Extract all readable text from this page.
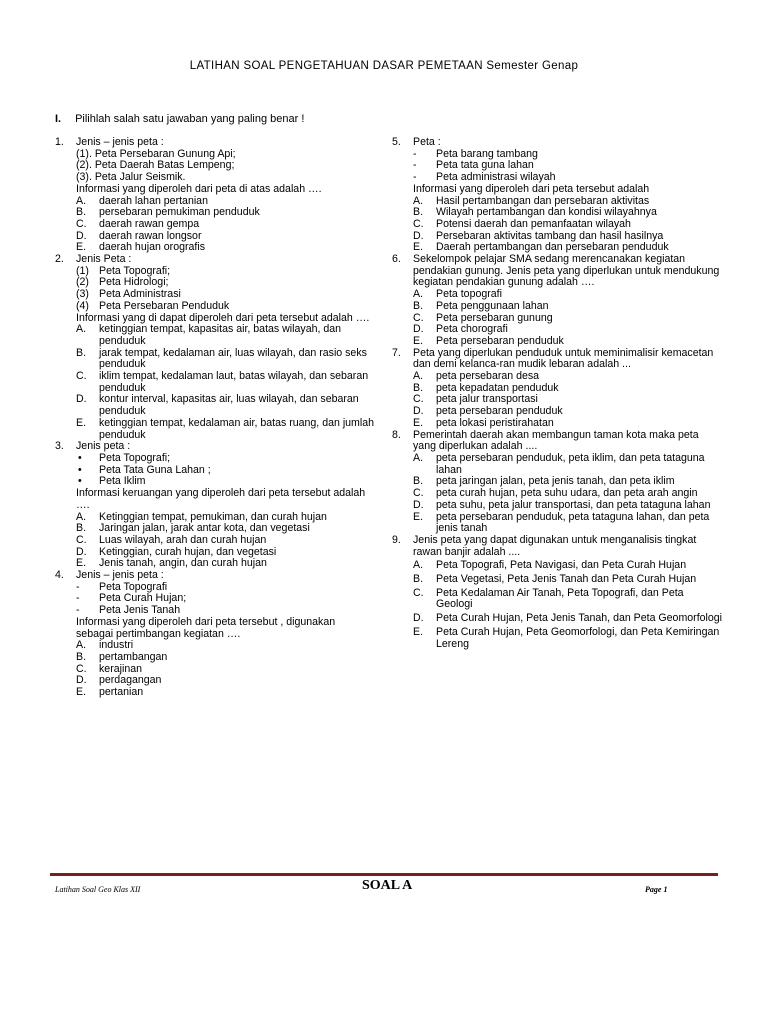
LATIHAN SOAL PENGETAHUAN DASAR PEMETAAN Semester Genap
I. Pilihlah salah satu jawaban yang paling benar !
1.	Jenis – jenis peta :
(1). Peta Persebaran Gunung Api;
(2). Peta Daerah Batas Lempeng;
(3). Peta Jalur Seismik.
Informasi yang diperoleh dari peta di atas adalah ….
A.	daerah lahan pertanian
B.	persebaran pemukiman penduduk
C.	daerah rawan gempa
D.	daerah rawan longsor
E.	daerah hujan orografis
2.	Jenis Peta :
(1) Peta Topografi;
(2) Peta Hidrologi;
(3) Peta Administrasi
(4) Peta Persebaran Penduduk
Informasi yang di dapat diperoleh dari peta tersebut adalah ….
A.	ketinggian tempat, kapasitas air, batas wilayah, dan penduduk
B.	jarak tempat, kedalaman air, luas wilayah, dan rasio seks penduduk
C.	iklim tempat, kedalaman laut, batas wilayah, dan sebaran penduduk
D.	kontur interval, kapasitas air, luas wilayah, dan sebaran penduduk
E.	ketinggian tempat, kedalaman air, batas ruang, dan jumlah penduduk
3.	Jenis peta :
•	Peta Topografi;
•	Peta Tata Guna Lahan ;
•	Peta Iklim
Informasi keruangan yang diperoleh dari peta tersebut adalah ….
A.	Ketinggian tempat, pemukiman, dan curah hujan
B.	Jaringan jalan, jarak antar kota, dan vegetasi
C.	Luas wilayah, arah dan curah hujan
D.	Ketinggian, curah hujan, dan vegetasi
E.	Jenis tanah, angin, dan curah hujan
4.	Jenis – jenis peta :
-	Peta Topografi
-	Peta Curah Hujan;
-	Peta Jenis Tanah
Informasi yang diperoleh dari peta tersebut , digunakan sebagai pertimbangan kegiatan ….
A.	industri
B.	pertambangan
C.	kerajinan
D.	perdagangan
E.	pertanian
5.	Peta :
-	Peta barang tambang
-	Peta tata guna lahan
-	Peta administrasi wilayah
Informasi yang diperoleh dari peta tersebut adalah
A.	Hasil pertambangan dan persebaran aktivitas
B.	Wilayah pertambangan dan kondisi wilayahnya
C.	Potensi daerah dan pemanfaatan wilayah
D.	Persebaran aktivitas tambang dan hasil hasilnya
E.	Daerah pertambangan dan persebaran penduduk
6.	Sekelompok pelajar SMA sedang merencanakan kegiatan pendakian gunung. Jenis peta yang diperlukan untuk mendukung kegiatan pendakian gunung adalah ….
A.	Peta topografi
B.	Peta penggunaan lahan
C.	Peta persebaran gunung
D.	Peta chorografi
E.	Peta persebaran penduduk
7.	Peta yang diperlukan penduduk untuk meminimalisir kemacetan dan demi kelanca-ran mudik lebaran adalah ...
A.	peta persebaran desa
B.	peta kepadatan penduduk
C.	peta jalur transportasi
D.	peta persebaran penduduk
E.	peta lokasi peristirahatan
8.	Pemerintah daerah akan membangun taman kota maka peta yang diperlukan adalah ....
A.	peta persebaran penduduk, peta iklim, dan peta tataguna lahan
B.	peta jaringan jalan, peta jenis tanah, dan peta iklim
C.	peta curah hujan, peta suhu udara, dan peta arah angin
D.	peta suhu, peta jalur transportasi, dan peta tataguna lahan
E.	peta persebaran penduduk, peta tataguna lahan, dan peta jenis tanah
9.	Jenis peta yang dapat digunakan untuk menganalisis tingkat rawan banjir adalah ....
A.	Peta Topografi, Peta Navigasi, dan Peta Curah Hujan
B.	Peta Vegetasi, Peta Jenis Tanah dan Peta Curah Hujan
C.	Peta Kedalaman Air Tanah, Peta Topografi, dan Peta Geologi
D.	Peta Curah Hujan, Peta Jenis Tanah, dan Peta Geomorfologi
E.	Peta Curah Hujan, Peta Geomorfologi, dan Peta Kemiringan Lereng
Latihan Soal Geo Klas XII	SOAL A	Page 1
